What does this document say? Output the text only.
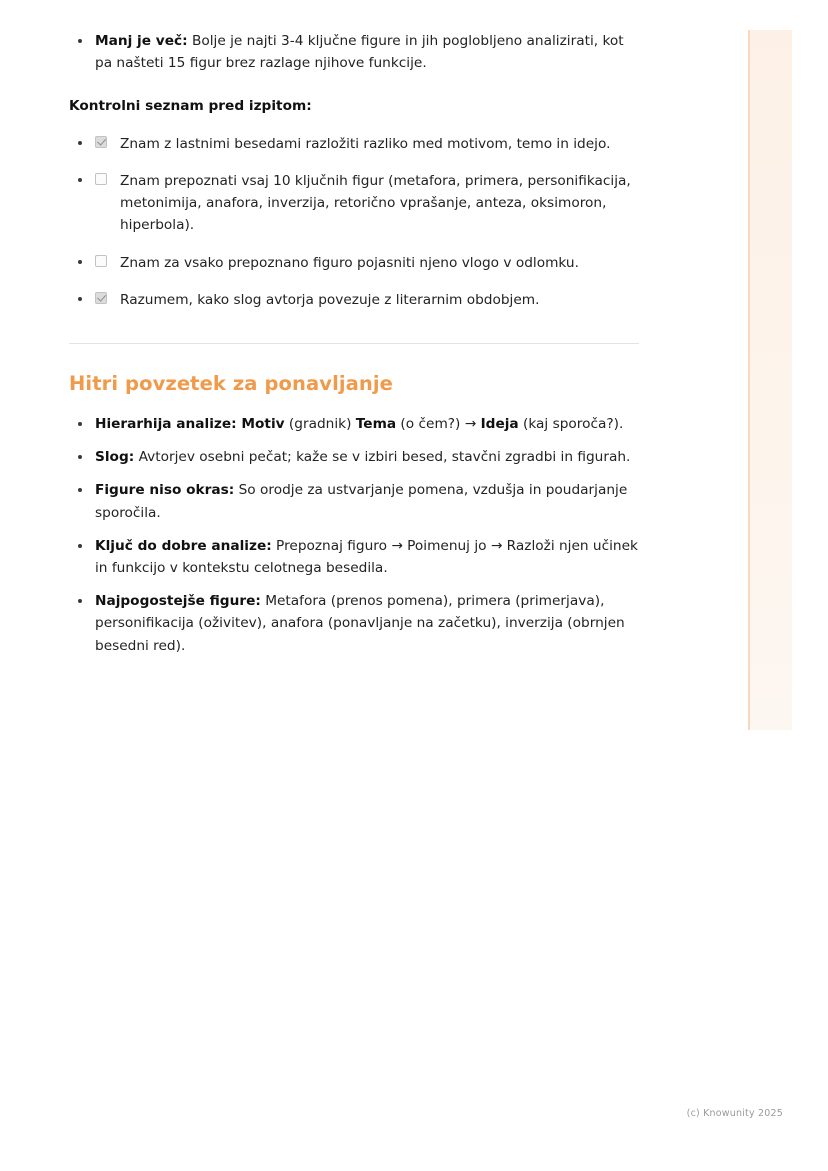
Manj je več: Bolje je najti 3-4 ključne figure in jih poglobljeno analizirati, kot pa našteti 15 figur brez razlage njihove funkcije.
Kontrolni seznam pred izpitom:
Znam z lastnimi besedami razložiti razliko med motivom, temo in idejo.
Znam prepoznati vsaj 10 ključnih figur (metafora, primera, personifikacija, metonimija, anafora, inverzija, retorično vprašanje, anteza, oksimoron, hiperbola).
Znam za vsako prepoznano figuro pojasniti njeno vlogo v odlomku.
Razumem, kako slog avtorja povezuje z literarnim obdobjem.
Hitri povzetek za ponavljanje
Hierarhija analize: Motiv (gradnik) Tema (o čem?) → Ideja (kaj sporoča?).
Slog: Avtorjev osebni pečat; kaže se v izbiri besed, stavčni zgradbi in figurah.
Figure niso okras: So orodje za ustvarjanje pomena, vzdušja in poudarjanje sporočila.
Ključ do dobre analize: Prepoznaj figuro → Poimenuj jo → Razloži njen učinek in funkcijo v kontekstu celotnega besedila.
Najpogostejše figure: Metafora (prenos pomena), primera (primerjava), personifikacija (oživitev), anafora (ponavljanje na začetku), inverzija (obrnjen besedni red).
(c) Knowunity 2025
